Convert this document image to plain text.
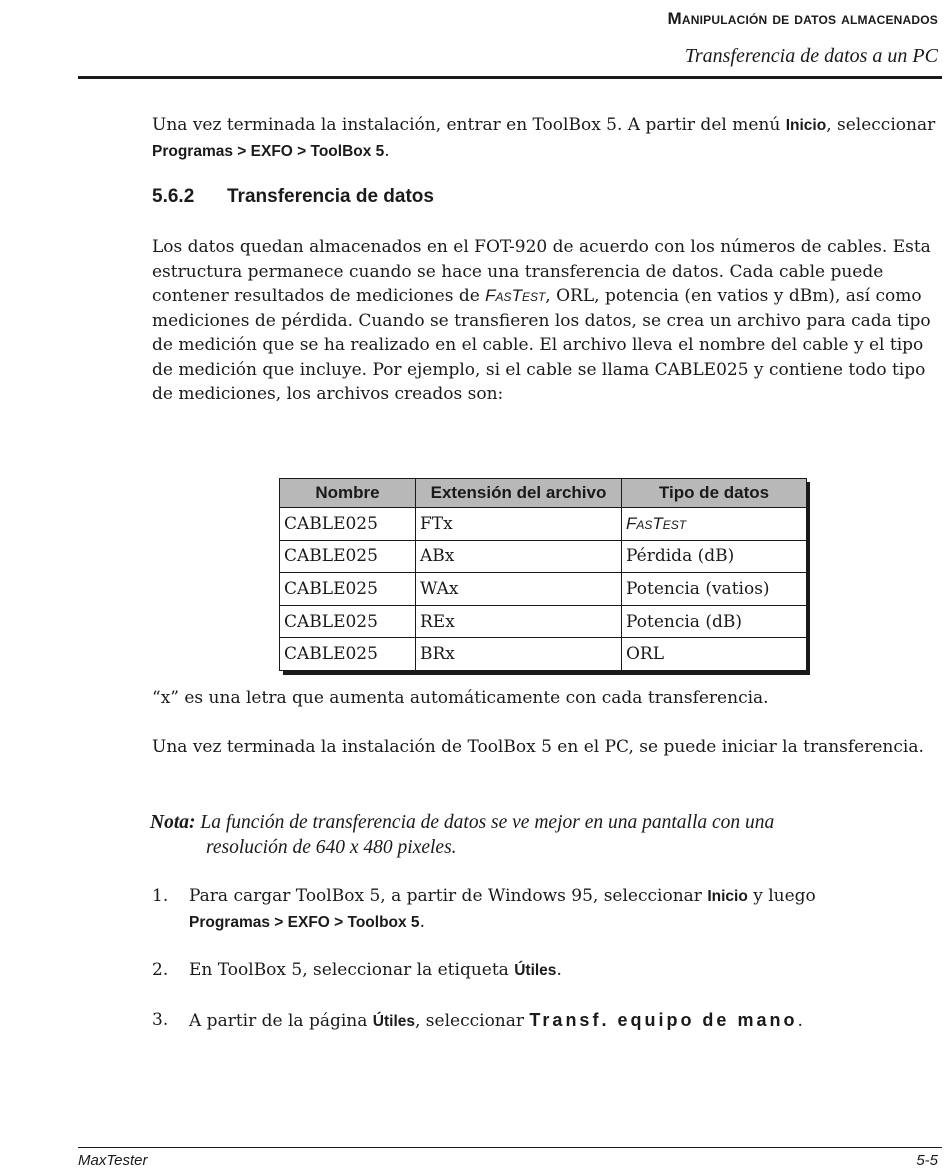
Manipulación de datos almacenados
Transferencia de datos a un PC

Una vez terminada la instalación, entrar en ToolBox 5. A partir del menú Inicio, seleccionar
Programas > EXFO > ToolBox 5.

5.6.2 Transferencia de datos

Los datos quedan almacenados en el FOT-920 de acuerdo con los números de cables. Esta estructura permanece cuando se hace una transferencia de datos. Cada cable puede contener resultados de mediciones de FasTest, ORL, potencia (en vatios y dBm), así como mediciones de pérdida. Cuando se transfieren los datos, se crea un archivo para cada tipo de medición que se ha realizado en el cable. El archivo lleva el nombre del cable y el tipo de medición que incluye. Por ejemplo, si el cable se llama CABLE025 y contiene todo tipo de mediciones, los archivos creados son:

Nombre	Extensión del archivo	Tipo de datos
CABLE025	FTx	FasTest
CABLE025	ABx	Pérdida (dB)
CABLE025	WAx	Potencia (vatios)
CABLE025	REx	Potencia (dB)
CABLE025	BRx	ORL

“x” es una letra que aumenta automáticamente con cada transferencia.

Una vez terminada la instalación de ToolBox 5 en el PC, se puede iniciar la transferencia.

Nota: La función de transferencia de datos se ve mejor en una pantalla con una
resolución de 640 x 480 pixeles.
1. Para cargar ToolBox 5, a partir de Windows 95, seleccionar Inicio y luego
Programas > EXFO > Toolbox 5.
2. En ToolBox 5, seleccionar la etiqueta Útiles.
3. A partir de la página Útiles, seleccionar Transf. equipo de mano.
MaxTester	5-5
